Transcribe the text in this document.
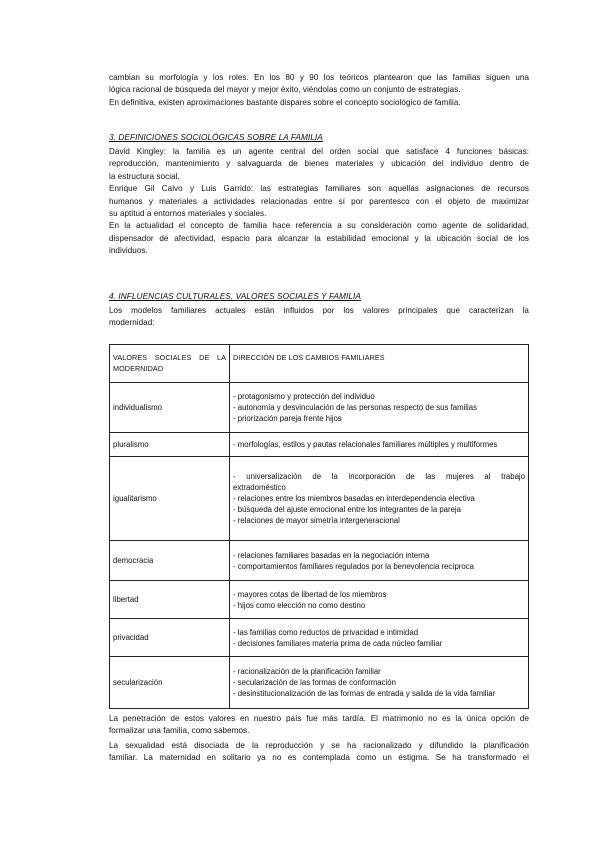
cambian su morfología y los roles. En los 80 y 90 los teóricos plantearon que las familias siguen una

lógica racional de búsqueda del mayor y mejor éxito, viéndolas como un conjunto de estrategias.

En definitiva, existen aproximaciones bastante dispares sobre el concepto sociológico de familia.

3. DEFINICIONES SOCIOLÓGICAS SOBRE LA FAMILIA

David Kingley: la familia es un agente central del orden social que satisface 4 funciones básicas:

reproducción, mantenimiento y salvaguarda de bienes materiales y ubicación del individuo dentro de

la estructura social.

Enrique Gil Calvo y Luis Garrido: las estrategias familiares son aquellas asignaciones de recursos

humanos y materiales a actividades relacionadas entre sí por parentesco con el objeto de maximizar

su aptitud a entornos materiales y sociales.

En la actualidad el concepto de familia hace referencia a su consideración como agente de solidaridad,

dispensador de afectividad, espacio para alcanzar la estabilidad emocional y la ubicación social de los

individuos.

4. INFLUENCIAS CULTURALES, VALORES SOCIALES Y FAMILIA

Los modelos familiares actuales están influidos por los valores principales que caracterizan la

modernidad:

VALORES SOCIALES DE LA
MODERNIDAD	DIRECCIÓN DE LOS CAMBIOS FAMILIARES

individualismo	- protagonismo y protección del individuo
- autonomía y desvinculación de las personas respecto de sus familias
- priorización pareja frente hijos

pluralismo	- morfologías, estilos y pautas relacionales familiares múltiples y multiformes

igualitarismo	- universalización de la incorporación de las mujeres al trabajo
extradoméstico
- relaciones entre los miembros basadas en interdependencia electiva
- búsqueda del ajuste emocional entre los integrantes de la pareja
- relaciones de mayor simetría intergeneracional

democracia	- relaciones familiares basadas en la negociación interna
- comportamientos familiares regulados por la benevolencia recíproca

libertad	- mayores cotas de libertad de los miembros
- hijos como elección no como destino

privacidad	- las familias como reductos de privacidad e intimidad
- decisiones familiares materia prima de cada núcleo familiar

secularización	- racionalización de la planificación familiar
- secularización de las formas de conformación
- desinstitucionalización de las formas de entrada y salida de la vida familiar

La penetración de estos valores en nuestro país fue más tardía. El matrimonio no es la única opción de

formalizar una familia, como sabemos.

La sexualidad está disociada de la reproducción y se ha racionalizado y difundido la planificación

familiar. La maternidad en solitario ya no es contemplada como un estigma. Se ha transformado el
